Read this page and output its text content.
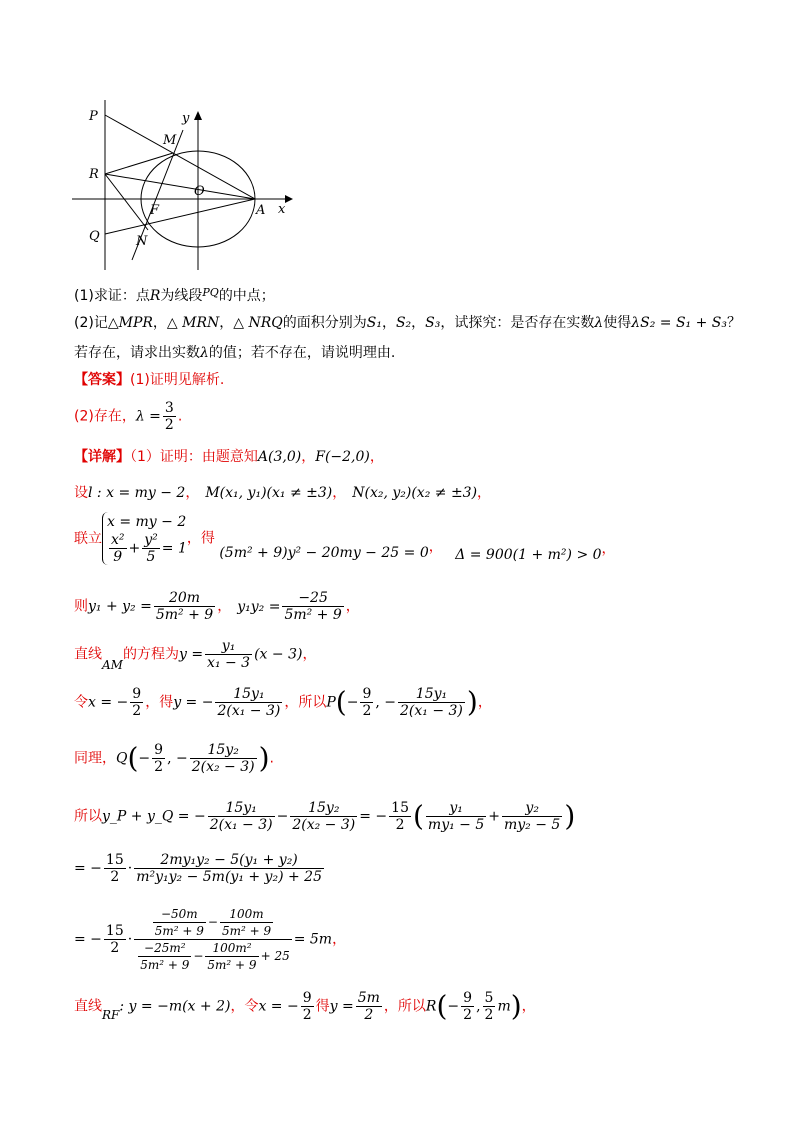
P
M
y
R
O
F	A x
Q	N
(1)求证：点R为线段$^{PQ}$的中点；
(2)记△MPR，△ MRN，△ NRQ的面积分别为S₁，S₂，S₃，试探究：是否存在实数λ使得λS₂ = S₁ + S₃？
若存在，请求出实数λ的值；若不存在，请说明理由.
【答案】(1)证明见解析.
(2)存在，$\lambda = \frac{3}{2}$ .
【详解】（1）证明：由题意知A(3,0)，F(−2,0)，
设l : x = my − 2， M(x₁, y₁)(x₁ ≠ ±3)， N(x₂, y₂)(x₂ ≠ ±3)，
联立
x = my − 2
$\frac{\text{x²}}{9} + \frac{\text{y²}}{5} = 1$
，得 (5m² + 9)y² − 20my − 25 = 0， Δ = 900(1 + m²) > 0，
则$y_1 + y_2 = \frac{20m}{\text{5m² + 9}}$ ， $y_1y_2 = \frac{-25}{\text{5m² + 9}}$ ，
直线AM的方程为$y = \frac{\text{y₁}}{\text{x₁ − 3}} (x - 3)$，
令x = − $\frac{9}{2}$ ，得y = − $\frac{\text{15y₁}}{\text{2(x₁ − 3)}}$ ，所以$P(- \frac{9}{2}$ , − $\frac{\text{15y₁}}{\text{2(x₁ − 3)}}$ )，
同理，$Q(- \frac{9}{2}$ , − $\frac{\text{15y₂}}{\text{2(x₂ − 3)}}$ ).
所以y_P + y_Q = − $\frac{\text{15y₁}}{\text{2(x₁ − 3)}} - \frac{\text{15y₂}}{\text{2(x₂ − 3)}}$ = − $\frac{15}{2}$ ( $\frac{\text{y₁}}{\text{my₁ − 5}} + \frac{\text{y₂}}{\text{my₂ − 5}}$ )
= − $\frac{15}{2} \cdot \frac{\text{2my₁y₂ − 5(y₁ + y₂)}}{\text{m²y₁y₂ − 5m(y₁ + y₂) + 25}}$
= − $\frac{15}{2} \cdot \frac{\frac{-50m}{\text{5m² + 9}} - \frac{100m}{\text{5m² + 9}}}{\frac{\text{−25m²}}{\text{5m² + 9}} - \frac{\text{100m²}}{\text{5m² + 9}} + 25} = 5m$，
直线RF: y = −m(x + 2)，令x = − $\frac{9}{2}$ 得$y = \frac{5m}{2}$ ，所以$R(- \frac{9}{2}$ , $\frac{5}{2} m$)，
